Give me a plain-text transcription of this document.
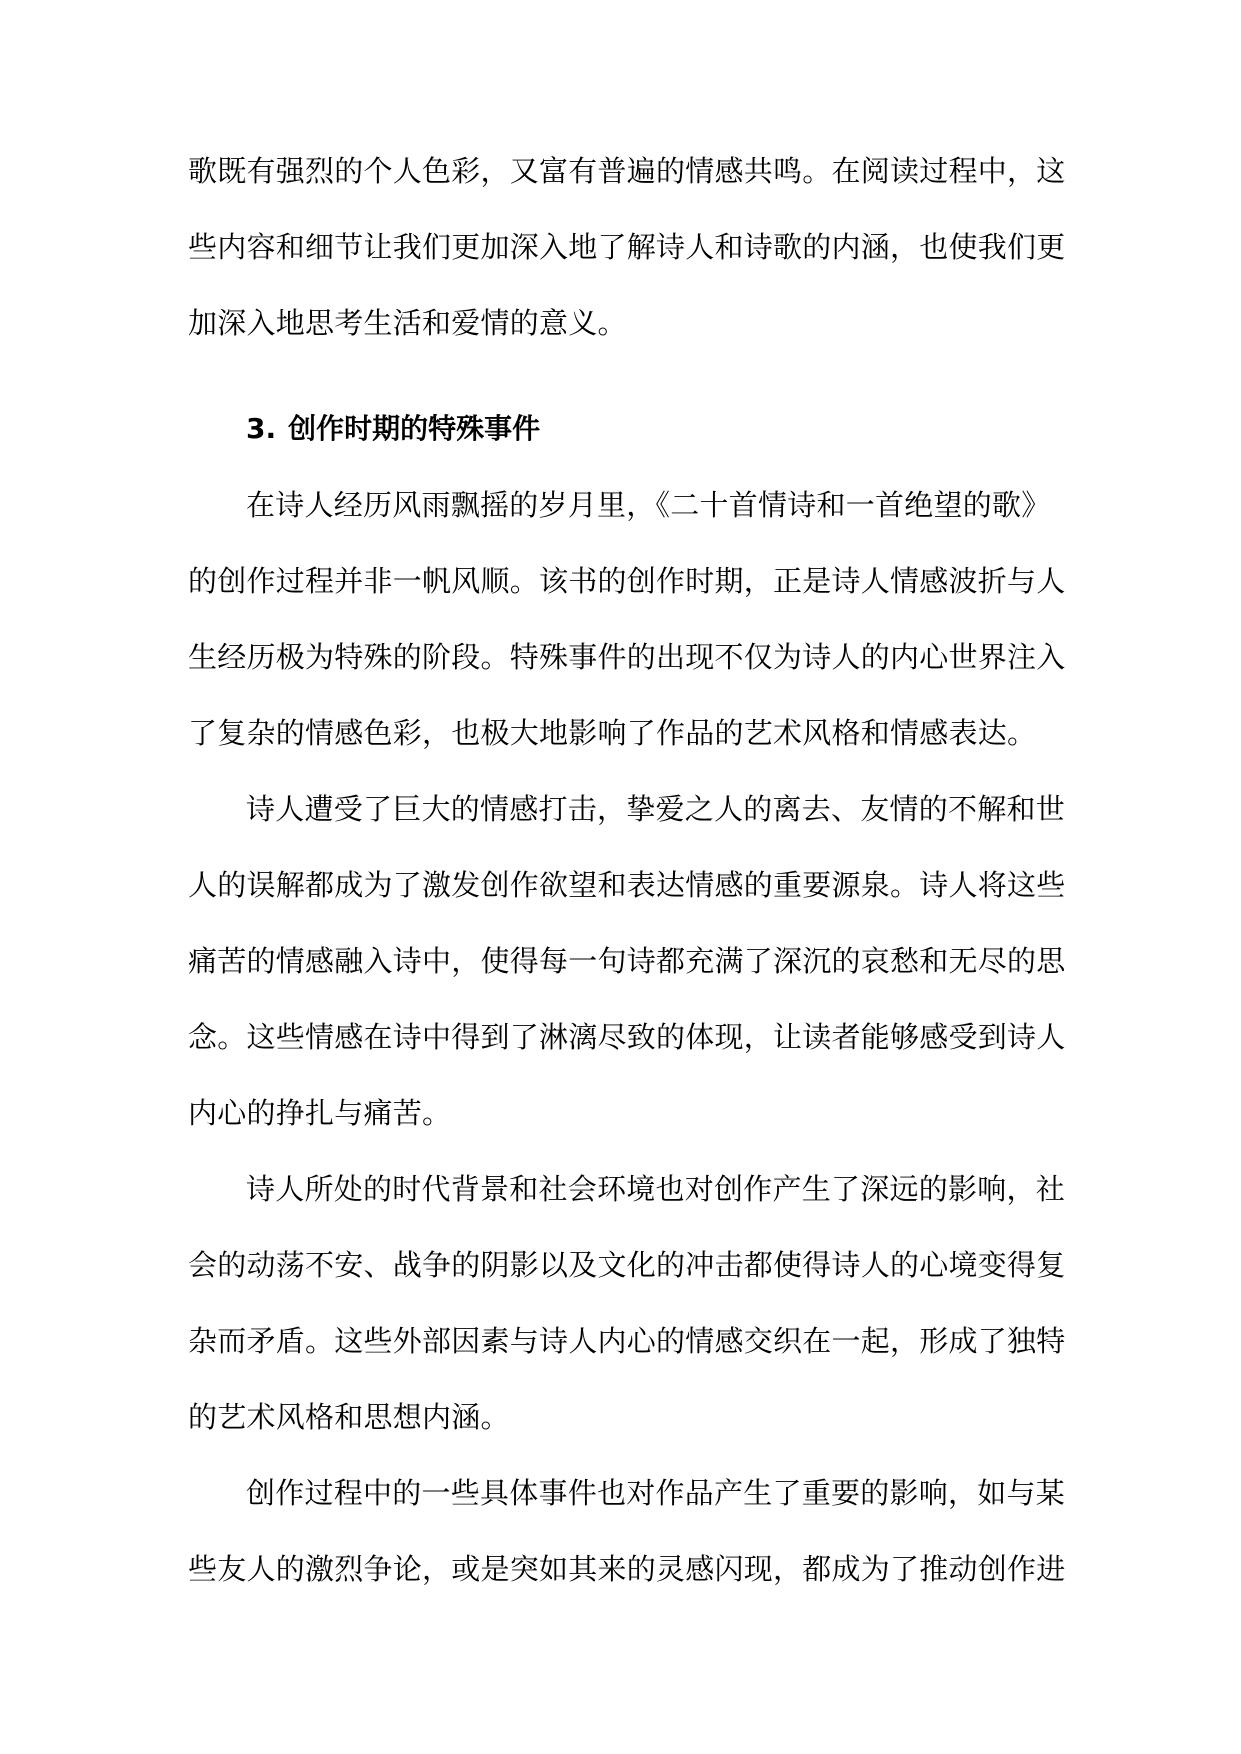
歌既有强烈的个人色彩，又富有普遍的情感共鸣。在阅读过程中，这
些内容和细节让我们更加深入地了解诗人和诗歌的内涵，也使我们更
加深入地思考生活和爱情的意义。
3. 创作时期的特殊事件
在诗人经历风雨飘摇的岁月里，《二十首情诗和一首绝望的歌》
的创作过程并非一帆风顺。该书的创作时期，正是诗人情感波折与人
生经历极为特殊的阶段。特殊事件的出现不仅为诗人的内心世界注入
了复杂的情感色彩，也极大地影响了作品的艺术风格和情感表达。
诗人遭受了巨大的情感打击，挚爱之人的离去、友情的不解和世
人的误解都成为了激发创作欲望和表达情感的重要源泉。诗人将这些
痛苦的情感融入诗中，使得每一句诗都充满了深沉的哀愁和无尽的思
念。这些情感在诗中得到了淋漓尽致的体现，让读者能够感受到诗人
内心的挣扎与痛苦。
诗人所处的时代背景和社会环境也对创作产生了深远的影响，社
会的动荡不安、战争的阴影以及文化的冲击都使得诗人的心境变得复
杂而矛盾。这些外部因素与诗人内心的情感交织在一起，形成了独特
的艺术风格和思想内涵。
创作过程中的一些具体事件也对作品产生了重要的影响，如与某
些友人的激烈争论，或是突如其来的灵感闪现，都成为了推动创作进
